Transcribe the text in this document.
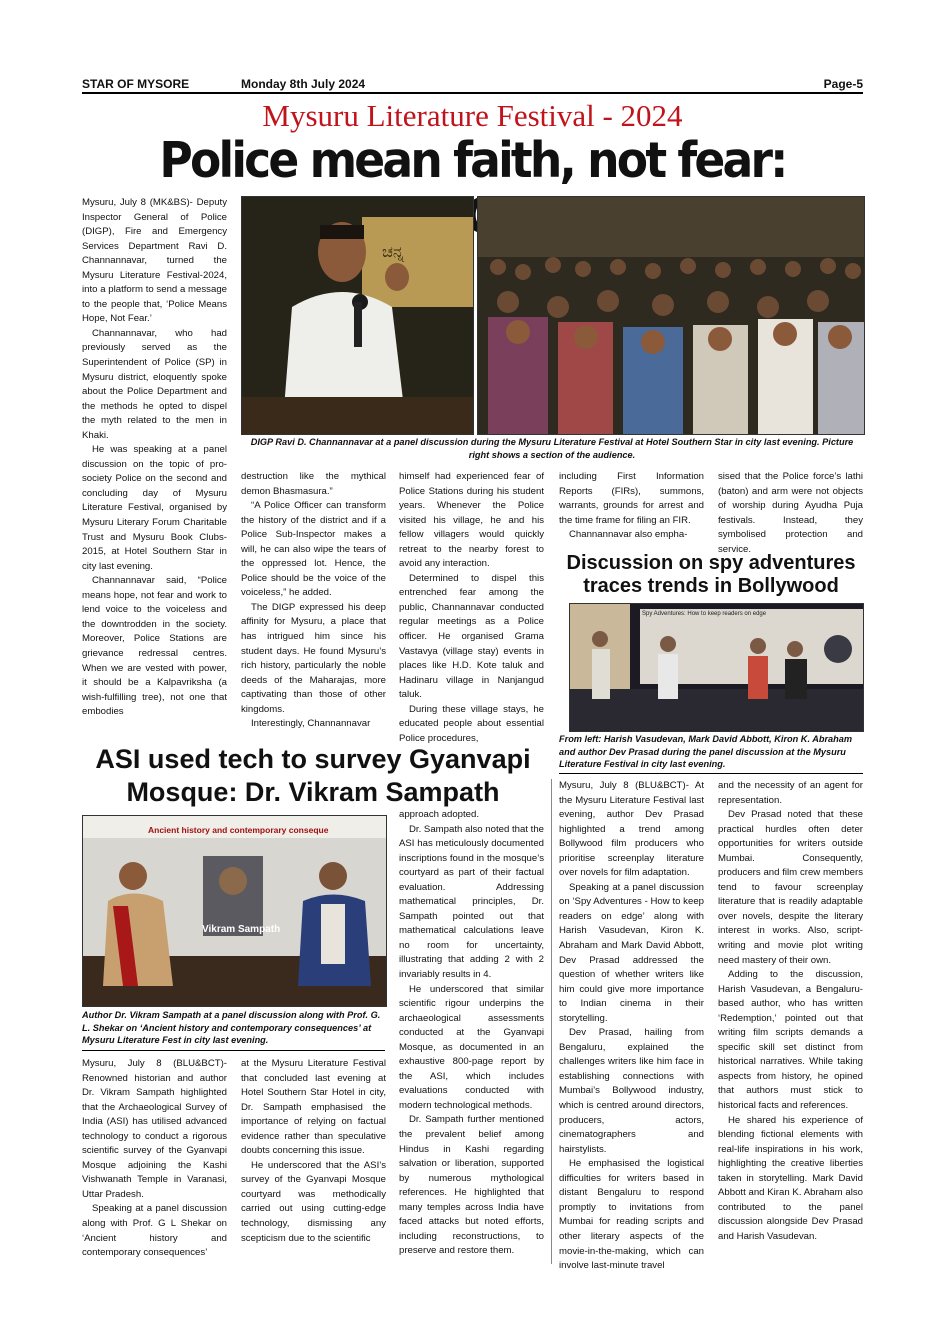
STAR OF MYSORE	Monday 8th July 2024	Page-5
Mysuru Literature Festival - 2024
Police mean faith, not fear:

Mysuru, July 8 (MK&BS)- Deputy Inspector General of Police (DIGP), Fire and Emergency Services Department Ravi D. Channannavar, turned the Mysuru Literature Festival-2024, into a platform to send a message to the people that, ‘Police Means Hope, Not Fear.’

Channannavar, who had previously served as the Superintendent of Police (SP) in Mysuru district, eloquently spoke about the Police Department and the methods he opted to dispel the myth related to the men in Khaki.

He was speaking at a panel discussion on the topic of pro-society Police on the second and concluding day of Mysuru Literature Festival, organised by Mysuru Literary Forum Charitable Trust and Mysuru Book Clubs-2015, at Hotel Southern Star in city last evening.

Channannavar said, “Police means hope, not fear and work to lend voice to the voiceless and the downtrodden in the society. Moreover, Police Stations are grievance redressal centres. When we are vested with power, it should be a Kalpavriksha (a wish-fulfilling tree), not one that embodies

ಚನ್ನ
DIGP Ravi D. Channannavar at a panel discussion during the Mysuru Literature Festival at Hotel Southern Star in city last evening. Picture right shows a section of the audience.

destruction like the mythical demon Bhasmasura.”

“A Police Officer can transform the history of the district and if a Police Sub-Inspector makes a will, he can also wipe the tears of the oppressed lot. Hence, the Police should be the voice of the voiceless,” he added.

The DIGP expressed his deep affinity for Mysuru, a place that has intrigued him since his student days. He found Mysuru’s rich history, particularly the noble deeds of the Maharajas, more captivating than those of other kingdoms.

Interestingly, Channannavar

himself had experienced fear of Police Stations during his student years. Whenever the Police visited his village, he and his fellow villagers would quickly retreat to the nearby forest to avoid any interaction.

Determined to dispel this entrenched fear among the public, Channannavar conducted regular meetings as a Police officer. He organised Grama Vastavya (village stay) events in places like H.D. Kote taluk and Hadinaru village in Nanjangud taluk.

During these village stays, he educated people about essential Police procedures,

including First Information Reports (FIRs), summons, warrants, grounds for arrest and the time frame for filing an FIR.

Channannavar also empha-

sised that the Police force’s lathi (baton) and arm were not objects of worship during Ayudha Puja festivals. Instead, they symbolised protection and service.

Discussion on spy adventures traces trends in Bollywood
Spy Adventures: How to keep readers on edge
From left: Harish Vasudevan, Mark David Abbott, Kiron K. Abraham and author Dev Prasad during the panel discussion at the Mysuru Literature Festival in city last evening.

Mysuru, July 8 (BLU&BCT)- At the Mysuru Literature Festival last evening, author Dev Prasad highlighted a trend among Bollywood film producers who prioritise screenplay literature over novels for film adaptation.

Speaking at a panel discussion on ‘Spy Adventures - How to keep readers on edge’ along with Harish Vasudevan, Kiron K. Abraham and Mark David Abbott, Dev Prasad addressed the question of whether writers like him could give more importance to Indian cinema in their storytelling.

Dev Prasad, hailing from Bengaluru, explained the challenges writers like him face in establishing connections with Mumbai’s Bollywood industry, which is centred around directors, producers, actors, cinematographers and hairstylists.

He emphasised the logistical difficulties for writers based in distant Bengaluru to respond promptly to invitations from Mumbai for reading scripts and other literary aspects of the movie-in-the-making, which can involve last-minute travel

and the necessity of an agent for representation.

Dev Prasad noted that these practical hurdles often deter opportunities for writers outside Mumbai. Consequently, producers and film crew members tend to favour screenplay literature that is readily adaptable over novels, despite the literary interest in works. Also, script-writing and movie plot writing need mastery of their own.

Adding to the discussion, Harish Vasudevan, a Bengaluru-based author, who has written ‘Redemption,’ pointed out that writing film scripts demands a specific skill set distinct from historical narratives. While taking aspects from history, he opined that authors must stick to historical facts and references.

He shared his experience of blending fictional elements with real-life inspirations in his work, highlighting the creative liberties taken in storytelling. Mark David Abbott and Kiran K. Abraham also contributed to the panel discussion alongside Dev Prasad and Harish Vasudevan.

ASI used tech to survey Gyanvapi
Mosque: Dr. Vikram Sampath
Ancient history and contemporary conseque
Vikram Sampath
Author Dr. Vikram Sampath at a panel discussion along with Prof. G. L. Shekar on ‘Ancient history and contemporary consequences’ at Mysuru Literature Fest in city last evening.

Mysuru, July 8 (BLU&BCT)- Renowned historian and author Dr. Vikram Sampath highlighted that the Archaeological Survey of India (ASI) has utilised advanced technology to conduct a rigorous scientific survey of the Gyanvapi Mosque adjoining the Kashi Vishwanath Temple in Varanasi, Uttar Pradesh.

Speaking at a panel discussion along with Prof. G L Shekar on ‘Ancient history and contemporary consequences’

at the Mysuru Literature Festival that concluded last evening at Hotel Southern Star Hotel in city, Dr. Sampath emphasised the importance of relying on factual evidence rather than speculative doubts concerning this issue.

He underscored that the ASI’s survey of the Gyanvapi Mosque courtyard was methodically carried out using cutting-edge technology, dismissing any scepticism due to the scientific

approach adopted.

Dr. Sampath also noted that the ASI has meticulously documented inscriptions found in the mosque’s courtyard as part of their factual evaluation. Addressing mathematical principles, Dr. Sampath pointed out that mathematical calculations leave no room for uncertainty, illustrating that adding 2 with 2 invariably results in 4.

He underscored that similar scientific rigour underpins the archaeological assessments conducted at the Gyanvapi Mosque, as documented in an exhaustive 800-page report by the ASI, which includes evaluations conducted with modern technological methods.

Dr. Sampath further mentioned the prevalent belief among Hindus in Kashi regarding salvation or liberation, supported by numerous mythological references. He highlighted that many temples across India have faced attacks but noted efforts, including reconstructions, to preserve and restore them.
